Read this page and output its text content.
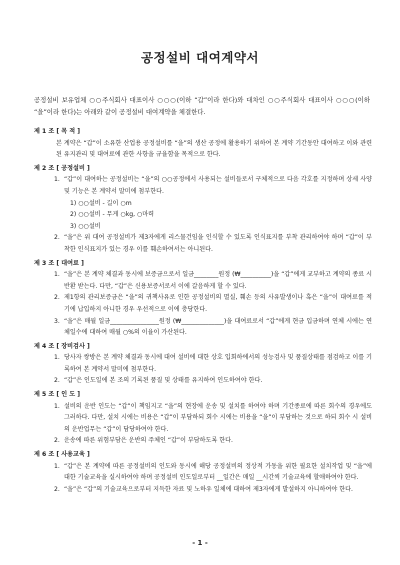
공정설비 대여계약서
공정설비 보유업체 ○○주식회사 대표이사 ○○○(이하 “갑”이라 한다)와 대차인 ○○주식회사 대표이사 ○○○(이하 “을”이라 한다)는 아래와 같이 공정설비 대여계약을 체결한다.
제 1 조 [ 목 적 ]
본 계약은 “갑”이 소유한 산업용 공정설비를 “을”의 생산 공정에 활용하기 위하여 본 계약 기간동안 대여하고 이와 관련된 유지관리 및 대여료에 관한 사항을 규율함을 목적으로 한다.
제 2 조 [ 공정설비 ]
1. “갑”이 대여하는 공정설비는 “을”의 ○○공정에서 사용되는 설비들로서 구체적으로 다음 각호를 지정하며 상세 사양 및 기능은 본 계약서 말미에 첨부한다.
1) ○○설비 - 길이 ○m
2) ○○설비 - 무게 ○kg, ○마력
3) ○○설비
2. “을”은 위 대여 공정설비가 제3자에게 리스물건임을 인식할 수 있도록 인식표지를 부착 관리하여야 하며 “갑”이 부착한 인식표지가 있는 경우 이를 훼손하여서는 아니된다.
제 3 조 [ 대여료 ]
1. “을”은 본 계약 체결과 동시에 보증금으로서 일금________원정 (₩__________)을 “갑”에게 교부하고 계약의 종료 시 반환 받는다. 다만, “갑”은 신용보증서로서 이에 갈음하게 할 수 있다.
2. 제1항의 관리보증금은 “을”의 귀책사유로 인한 공정설비의 멸실, 훼손 등의 사유발생이나 혹은 “을”이 대여료를 적기에 납입하지 아니한 경우 우선적으로 이에 충당한다.
3. “을”은 매월 일금________________원정 (₩______________)을 대여료로서 “갑”에게 현금 입금하며 연체 시에는 연체일수에 대하여 매월 ○%의 이율이 가산된다.
제 4 조 [ 장비검사 ]
1. 당사자 쌍방은 본 계약 체결과 동시에 대여 설비에 대한 상호 입회하에서의 성능검사 및 품질상태를 점검하고 이를 기록하여 본 계약서 말미에 첨부한다.
2. “갑”은 인도일에 본 조의 기록된 품질 및 상태를 유지하여 인도하여야 한다.
제 5 조 [ 인 도 ]
1. 설비의 운반 인도는 “갑”이 책임지고 “을”의 현장에 운송 및 설치를 하여야 하며 기간종료에 따른 회수의 경우에도 그러하다. 다만, 설치 시에는 비용은 “갑”이 부담하되 회수 시에는 비용을 “을”이 부담하는 것으로 하되 회수 시 설비의 운반업무는 “갑”이 담당하여야 한다.
2. 운송에 따른 위험부담은 운반의 주체인 “갑”이 부담하도록 한다.
제 6 조 [ 사용교육 ]
1. “갑”은 본 계약에 따른 공정설비의 인도와 동시에 해당 공정설비의 정상적 가동을 위한 필요한 설치작업 및 “을”에 대한 기술교육을 실시하여야 하며 공정설비 인도일로부터 __일간은 매일 __시간씩 기술교육에 할애하여야 한다.
2. “을”은 “갑”의 기술교육으로부터 지득한 자료 및 노하우 일체에 대하여 제3자에게 발설하지 아니하여야 한다.
- 1 -
